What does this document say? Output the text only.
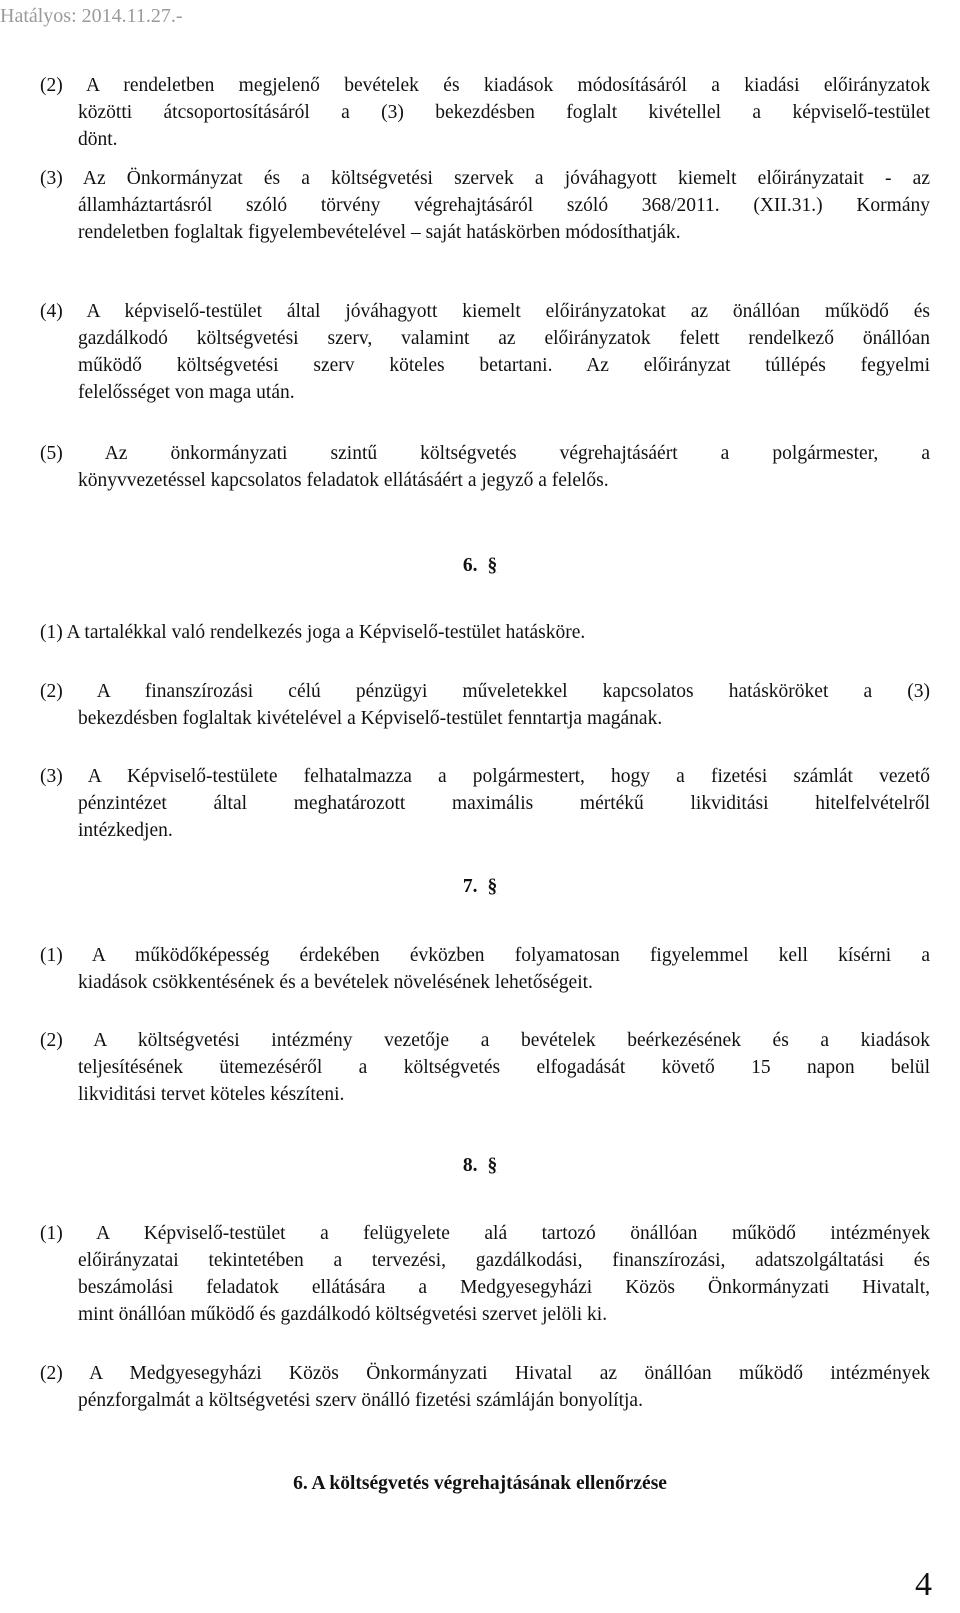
Hatályos: 2014.11.27.-
(2) A rendeletben megjelenő bevételek és kiadások módosításáról a kiadási előirányzatok
közötti átcsoportosításáról a (3) bekezdésben foglalt kivétellel a képviselő-testület
dönt.
(3) Az Önkormányzat és a költségvetési szervek a jóváhagyott kiemelt előirányzatait - az
államháztartásról szóló törvény végrehajtásáról szóló 368/2011. (XII.31.) Kormány
rendeletben foglaltak figyelembevételével – saját hatáskörben módosíthatják.
(4) A képviselő-testület által jóváhagyott kiemelt előirányzatokat az önállóan működő és
gazdálkodó költségvetési szerv, valamint az előirányzatok felett rendelkező önállóan
működő költségvetési szerv köteles betartani. Az előirányzat túllépés fegyelmi
felelősséget von maga után.
(5) Az önkormányzati szintű költségvetés végrehajtásáért a polgármester, a
könyvvezetéssel kapcsolatos feladatok ellátásáért a jegyző a felelős.
6. §
(1) A tartalékkal való rendelkezés joga a Képviselő-testület hatásköre.
(2) A finanszírozási célú pénzügyi műveletekkel kapcsolatos hatásköröket a (3)
bekezdésben foglaltak kivételével a Képviselő-testület fenntartja magának.
(3) A Képviselő-testülete felhatalmazza a polgármestert, hogy a fizetési számlát vezető
pénzintézet által meghatározott maximális mértékű likviditási hitelfelvételről
intézkedjen.
7. §
(1) A működőképesség érdekében évközben folyamatosan figyelemmel kell kísérni a
kiadások csökkentésének és a bevételek növelésének lehetőségeit.
(2) A költségvetési intézmény vezetője a bevételek beérkezésének és a kiadások
teljesítésének ütemezéséről a költségvetés elfogadását követő 15 napon belül
likviditási tervet köteles készíteni.
8. §
(1) A Képviselő-testület a felügyelete alá tartozó önállóan működő intézmények
előirányzatai tekintetében a tervezési, gazdálkodási, finanszírozási, adatszolgáltatási és
beszámolási feladatok ellátására a Medgyesegyházi Közös Önkormányzati Hivatalt,
mint önállóan működő és gazdálkodó költségvetési szervet jelöli ki.
(2) A Medgyesegyházi Közös Önkormányzati Hivatal az önállóan működő intézmények
pénzforgalmát a költségvetési szerv önálló fizetési számláján bonyolítja.
6. A költségvetés végrehajtásának ellenőrzése
4
